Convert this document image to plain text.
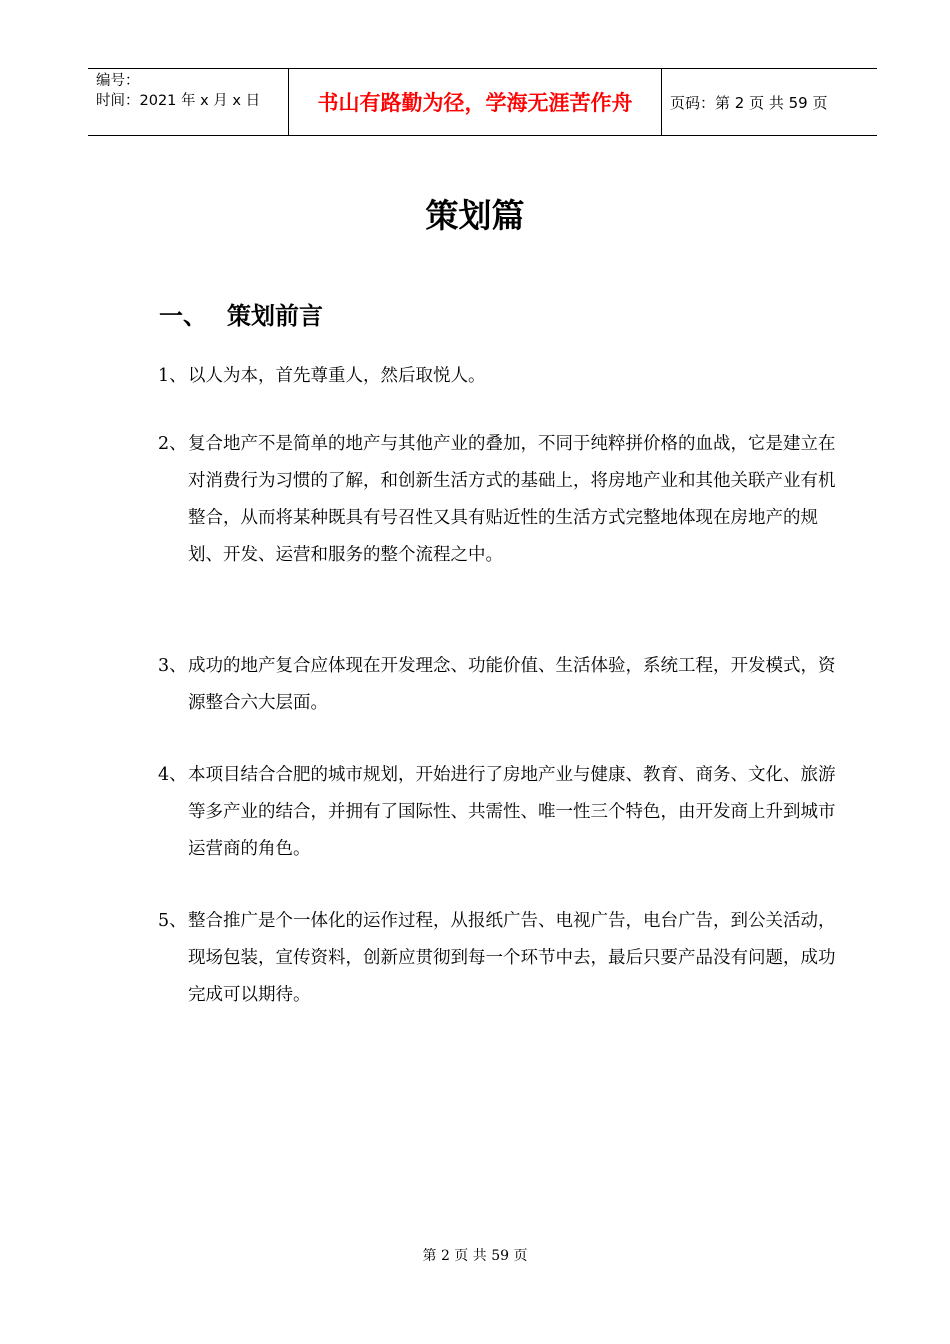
编号：
时间：2021 年 x 月 x 日	书山有路勤为径，学海无涯苦作舟	页码：第 2 页 共 59 页
策划篇
一、 策划前言
1、 以人为本，首先尊重人，然后取悦人。
2、 复合地产不是简单的地产与其他产业的叠加，不同于纯粹拼价格的血战，它是建立在对消费行为习惯的了解，和创新生活方式的基础上，将房地产业和其他关联产业有机整合，从而将某种既具有号召性又具有贴近性的生活方式完整地体现在房地产的规划、开发、运营和服务的整个流程之中。
3、 成功的地产复合应体现在开发理念、功能价值、生活体验，系统工程，开发模式，资源整合六大层面。
4、 本项目结合合肥的城市规划，开始进行了房地产业与健康、教育、商务、文化、旅游等多产业的结合，并拥有了国际性、共需性、唯一性三个特色，由开发商上升到城市运营商的角色。
5、 整合推广是个一体化的运作过程，从报纸广告、电视广告，电台广告，到公关活动，现场包装，宣传资料，创新应贯彻到每一个环节中去，最后只要产品没有问题，成功完成可以期待。
第 2 页 共 59 页
